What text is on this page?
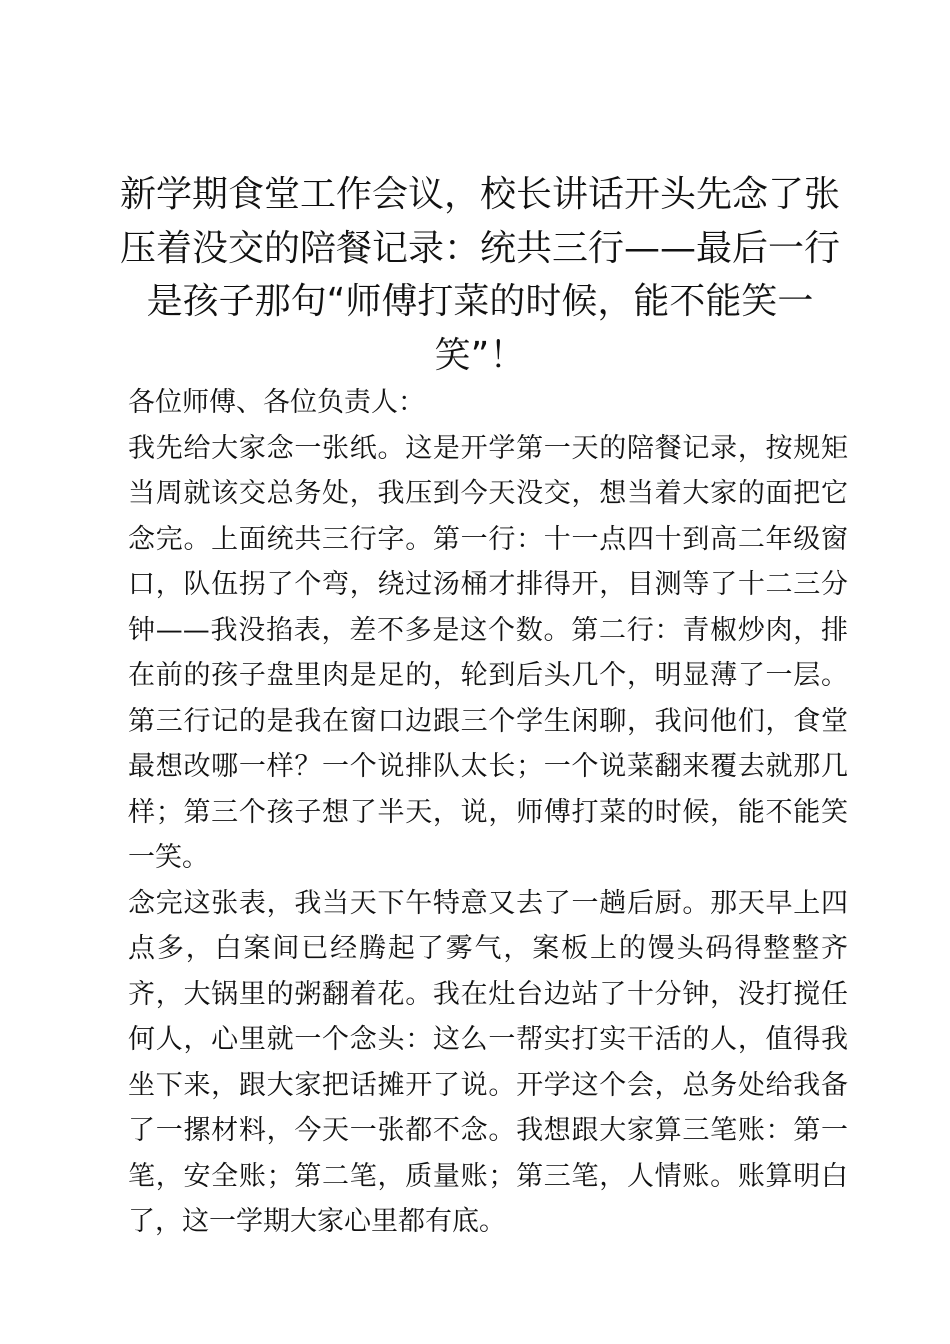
新学期食堂工作会议，校长讲话开头先念了张压着没交的陪餐记录：统共三行——最后一行是孩子那句“师傅打菜的时候，能不能笑一笑”！

各位师傅、各位负责人：

我先给大家念一张纸。这是开学第一天的陪餐记录，按规矩当周就该交总务处，我压到今天没交，想当着大家的面把它念完。上面统共三行字。第一行：十一点四十到高二年级窗口，队伍拐了个弯，绕过汤桶才排得开，目测等了十二三分钟——我没掐表，差不多是这个数。第二行：青椒炒肉，排在前的孩子盘里肉是足的，轮到后头几个，明显薄了一层。第三行记的是我在窗口边跟三个学生闲聊，我问他们，食堂最想改哪一样？一个说排队太长；一个说菜翻来覆去就那几样；第三个孩子想了半天，说，师傅打菜的时候，能不能笑一笑。

念完这张表，我当天下午特意又去了一趟后厨。那天早上四点多，白案间已经腾起了雾气，案板上的馒头码得整整齐齐，大锅里的粥翻着花。我在灶台边站了十分钟，没打搅任何人，心里就一个念头：这么一帮实打实干活的人，值得我坐下来，跟大家把话摊开了说。开学这个会，总务处给我备了一摞材料，今天一张都不念。我想跟大家算三笔账：第一笔，安全账；第二笔，质量账；第三笔，人情账。账算明白了，这一学期大家心里都有底。
